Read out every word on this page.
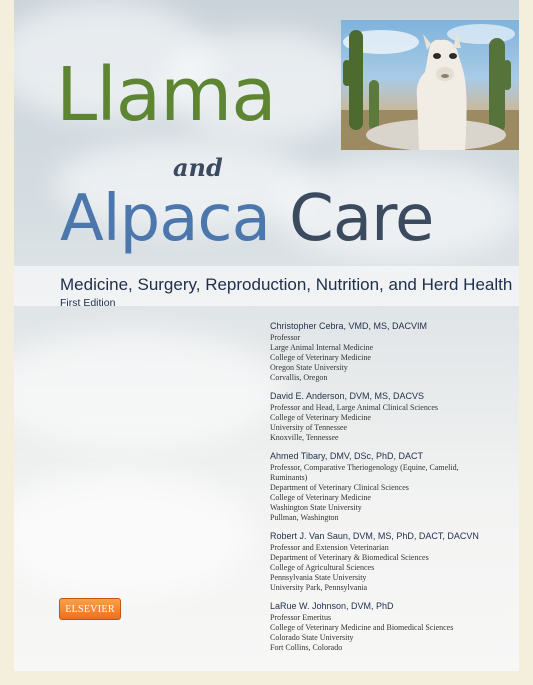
Llama
and
Alpaca Care
Medicine, Surgery, Reproduction, Nutrition, and Herd Health
First Edition
Christopher Cebra, VMD, MS, DACVIM
Professor
Large Animal Internal Medicine
College of Veterinary Medicine
Oregon State University
Corvallis, Oregon
David E. Anderson, DVM, MS, DACVS
Professor and Head, Large Animal Clinical Sciences
College of Veterinary Medicine
University of Tennessee
Knoxville, Tennessee
Ahmed Tibary, DMV, DSc, PhD, DACT
Professor, Comparative Theriogenology (Equine, Camelid,
Ruminants)
Department of Veterinary Clinical Sciences
College of Veterinary Medicine
Washington State University
Pullman, Washington
Robert J. Van Saun, DVM, MS, PhD, DACT, DACVN
Professor and Extension Veterinarian
Department of Veterinary & Biomedical Sciences
College of Agricultural Sciences
Pennsylvania State University
University Park, Pennsylvania
LaRue W. Johnson, DVM, PhD
Professor Emeritus
College of Veterinary Medicine and Biomedical Sciences
Colorado State University
Fort Collins, Colorado
ELSEVIER
